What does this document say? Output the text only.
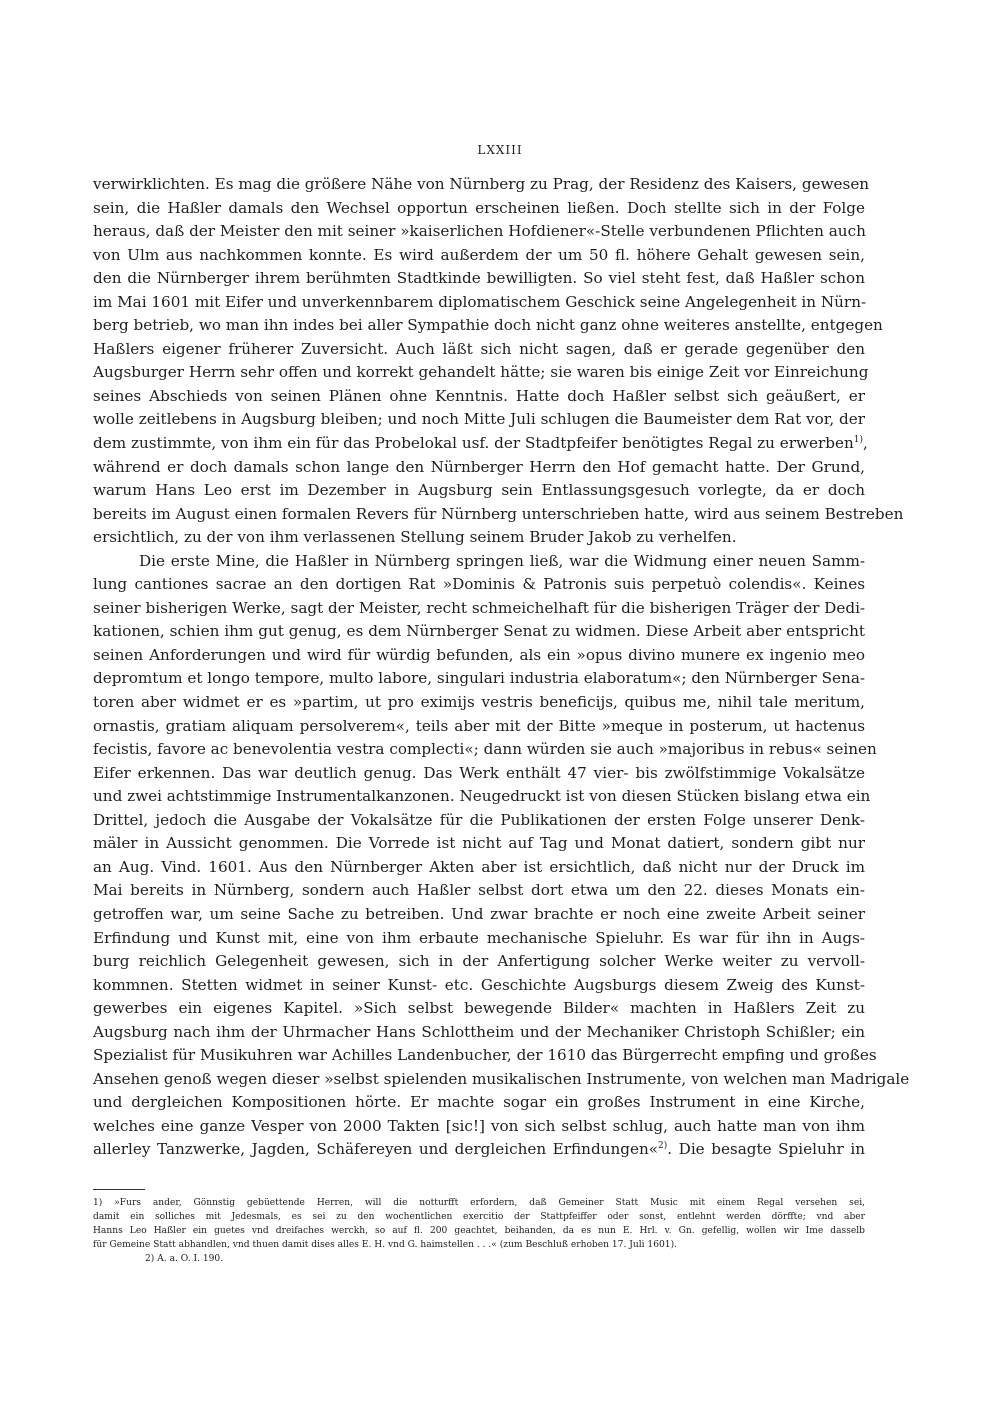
LXXIII
verwirklichten. Es mag die größere Nähe von Nürnberg zu Prag, der Residenz des Kaisers, gewesen
sein, die Haßler damals den Wechsel opportun erscheinen ließen. Doch stellte sich in der Folge
heraus, daß der Meister den mit seiner »kaiserlichen Hofdiener«-Stelle verbundenen Pflichten auch
von Ulm aus nachkommen konnte. Es wird außerdem der um 50 fl. höhere Gehalt gewesen sein,
den die Nürnberger ihrem berühmten Stadtkinde bewilligten. So viel steht fest, daß Haßler schon
im Mai 1601 mit Eifer und unverkennbarem diplomatischem Geschick seine Angelegenheit in Nürn-
berg betrieb, wo man ihn indes bei aller Sympathie doch nicht ganz ohne weiteres anstellte, entgegen
Haßlers eigener früherer Zuversicht. Auch läßt sich nicht sagen, daß er gerade gegenüber den
Augsburger Herrn sehr offen und korrekt gehandelt hätte; sie waren bis einige Zeit vor Einreichung
seines Abschieds von seinen Plänen ohne Kenntnis. Hatte doch Haßler selbst sich geäußert, er
wolle zeitlebens in Augsburg bleiben; und noch Mitte Juli schlugen die Baumeister dem Rat vor, der
dem zustimmte, von ihm ein für das Probelokal usf. der Stadtpfeifer benötigtes Regal zu erwerben$^{1)}$,
während er doch damals schon lange den Nürnberger Herrn den Hof gemacht hatte. Der Grund,
warum Hans Leo erst im Dezember in Augsburg sein Entlassungsgesuch vorlegte, da er doch
bereits im August einen formalen Revers für Nürnberg unterschrieben hatte, wird aus seinem Bestreben
ersichtlich, zu der von ihm verlassenen Stellung seinem Bruder Jakob zu verhelfen.
Die erste Mine, die Haßler in Nürnberg springen ließ, war die Widmung einer neuen Samm-
lung cantiones sacrae an den dortigen Rat »Dominis & Patronis suis perpetuò colendis«. Keines
seiner bisherigen Werke, sagt der Meister, recht schmeichelhaft für die bisherigen Träger der Dedi-
kationen, schien ihm gut genug, es dem Nürnberger Senat zu widmen. Diese Arbeit aber entspricht
seinen Anforderungen und wird für würdig befunden, als ein »opus divino munere ex ingenio meo
depromtum et longo tempore, multo labore, singulari industria elaboratum«; den Nürnberger Sena-
toren aber widmet er es »partim, ut pro eximijs vestris beneficijs, quibus me, nihil tale meritum,
ornastis, gratiam aliquam persolverem«, teils aber mit der Bitte »meque in posterum, ut hactenus
fecistis, favore ac benevolentia vestra complecti«; dann würden sie auch »majoribus in rebus« seinen
Eifer erkennen. Das war deutlich genug. Das Werk enthält 47 vier- bis zwölfstimmige Vokalsätze
und zwei achtstimmige Instrumentalkanzonen. Neugedruckt ist von diesen Stücken bislang etwa ein
Drittel, jedoch die Ausgabe der Vokalsätze für die Publikationen der ersten Folge unserer Denk-
mäler in Aussicht genommen. Die Vorrede ist nicht auf Tag und Monat datiert, sondern gibt nur
an Aug. Vind. 1601. Aus den Nürnberger Akten aber ist ersichtlich, daß nicht nur der Druck im
Mai bereits in Nürnberg, sondern auch Haßler selbst dort etwa um den 22. dieses Monats ein-
getroffen war, um seine Sache zu betreiben. Und zwar brachte er noch eine zweite Arbeit seiner
Erfindung und Kunst mit, eine von ihm erbaute mechanische Spieluhr. Es war für ihn in Augs-
burg reichlich Gelegenheit gewesen, sich in der Anfertigung solcher Werke weiter zu vervoll-
kommnen. Stetten widmet in seiner Kunst- etc. Geschichte Augsburgs diesem Zweig des Kunst-
gewerbes ein eigenes Kapitel. »Sich selbst bewegende Bilder« machten in Haßlers Zeit zu
Augsburg nach ihm der Uhrmacher Hans Schlottheim und der Mechaniker Christoph Schißler; ein
Spezialist für Musikuhren war Achilles Landenbucher, der 1610 das Bürgerrecht empfing und großes
Ansehen genoß wegen dieser »selbst spielenden musikalischen Instrumente, von welchen man Madrigale
und dergleichen Kompositionen hörte. Er machte sogar ein großes Instrument in eine Kirche,
welches eine ganze Vesper von 2000 Takten [sic!] von sich selbst schlug, auch hatte man von ihm
allerley Tanzwerke, Jagden, Schäfereyen und dergleichen Erfindungen«$^{2)}$. Die besagte Spieluhr in
1) »Furs ander, Gönnstig gebüettende Herren, will die notturfft erfordern, daß Gemeiner Statt Music mit einem Regal versehen sei,
damit ein solliches mit Jedesmals, es sei zu den wochentlichen exercitio der Stattpfeiffer oder sonst, entlehnt werden dörffte; vnd aber
Hanns Leo Haßler ein guetes vnd dreifaches werckh, so auf fl. 200 geachtet, beihanden, da es nun E. Hrl. v. Gn. gefellig, wollen wir Ime dasselb
für Gemeine Statt abhandlen, vnd thuen damit dises alles E. H. vnd G. haimstellen . . .« (zum Beschluß erhoben 17. Juli 1601).
2) A. a. O. I. 190.
